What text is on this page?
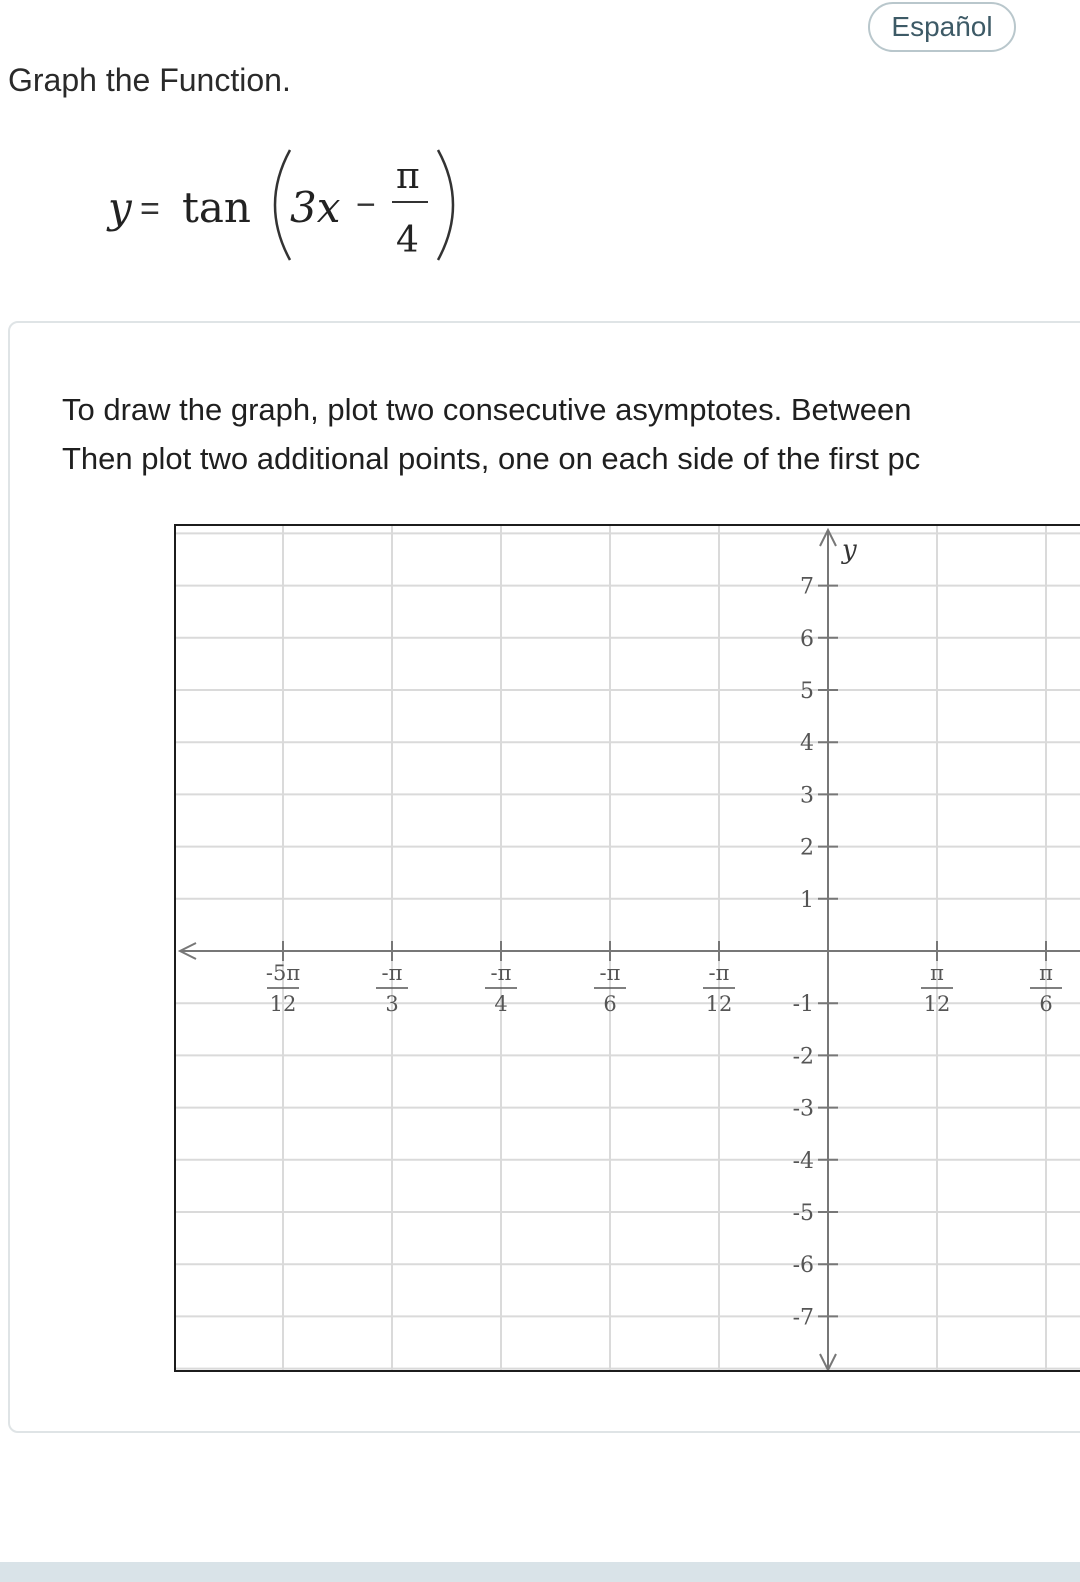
Español
Graph the Function.
y = tan 3x −
π
4
To draw the graph, plot two consecutive asymptotes. Between
Then plot two additional points, one on each side of the first pc
y
7
6
5
4
3
2
1
-1
-2
-3
-4
-5
-6
-7
-5π
12
-π
3
-π
4
-π
6
-π
12
π
12
π
6
